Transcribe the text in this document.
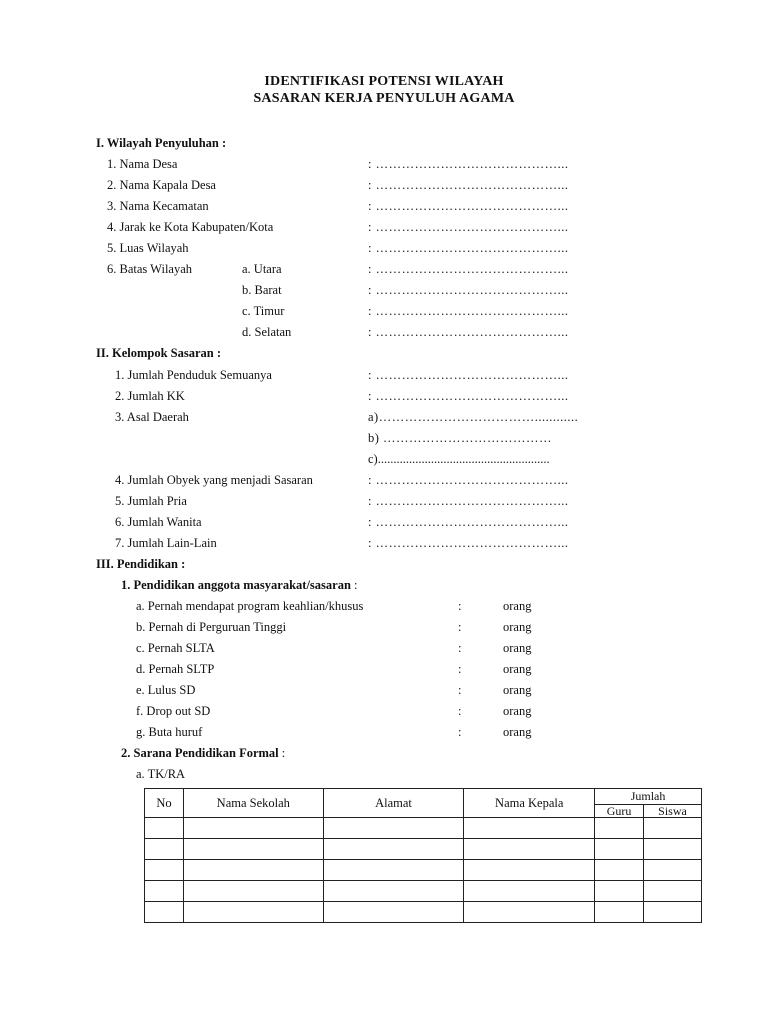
IDENTIFIKASI POTENSI WILAYAH
SASARAN KERJA PENYULUH AGAMA
I. Wilayah Penyuluhan :
1. Nama Desa	: ……………………………………...
2. Nama Kapala Desa	: ……………………………………...
3. Nama Kecamatan	: ……………………………………...
4. Jarak ke Kota Kabupaten/Kota	: ……………………………………...
5. Luas Wilayah	: ……………………………………...
6. Batas Wilayah	a. Utara	: ……………………………………...
b. Barat	: ……………………………………...
c. Timur	: ……………………………………...
d. Selatan	: ……………………………………...
II. Kelompok Sasaran :
1. Jumlah Penduduk Semuanya	: ……………………………………...
2. Jumlah KK	: ……………………………………...
3. Asal Daerah	a)………………………………............
b) …………………………………
c).......................................................
4. Jumlah Obyek yang menjadi Sasaran	: ……………………………………...
5. Jumlah Pria	: ……………………………………...
6. Jumlah Wanita	: ……………………………………...
7. Jumlah Lain-Lain	: ……………………………………...
III. Pendidikan :
1. Pendidikan anggota masyarakat/sasaran :
a. Pernah mendapat program keahlian/khusus	:	orang
b. Pernah di Perguruan Tinggi	:	orang
c. Pernah SLTA	:	orang
d. Pernah SLTP	:	orang
e. Lulus SD	:	orang
f. Drop out SD	:	orang
g. Buta huruf	:	orang
2. Sarana Pendidikan Formal :
a. TK/RA
No	Nama Sekolah	Alamat	Nama Kepala	Jumlah	
				Guru	Siswa
